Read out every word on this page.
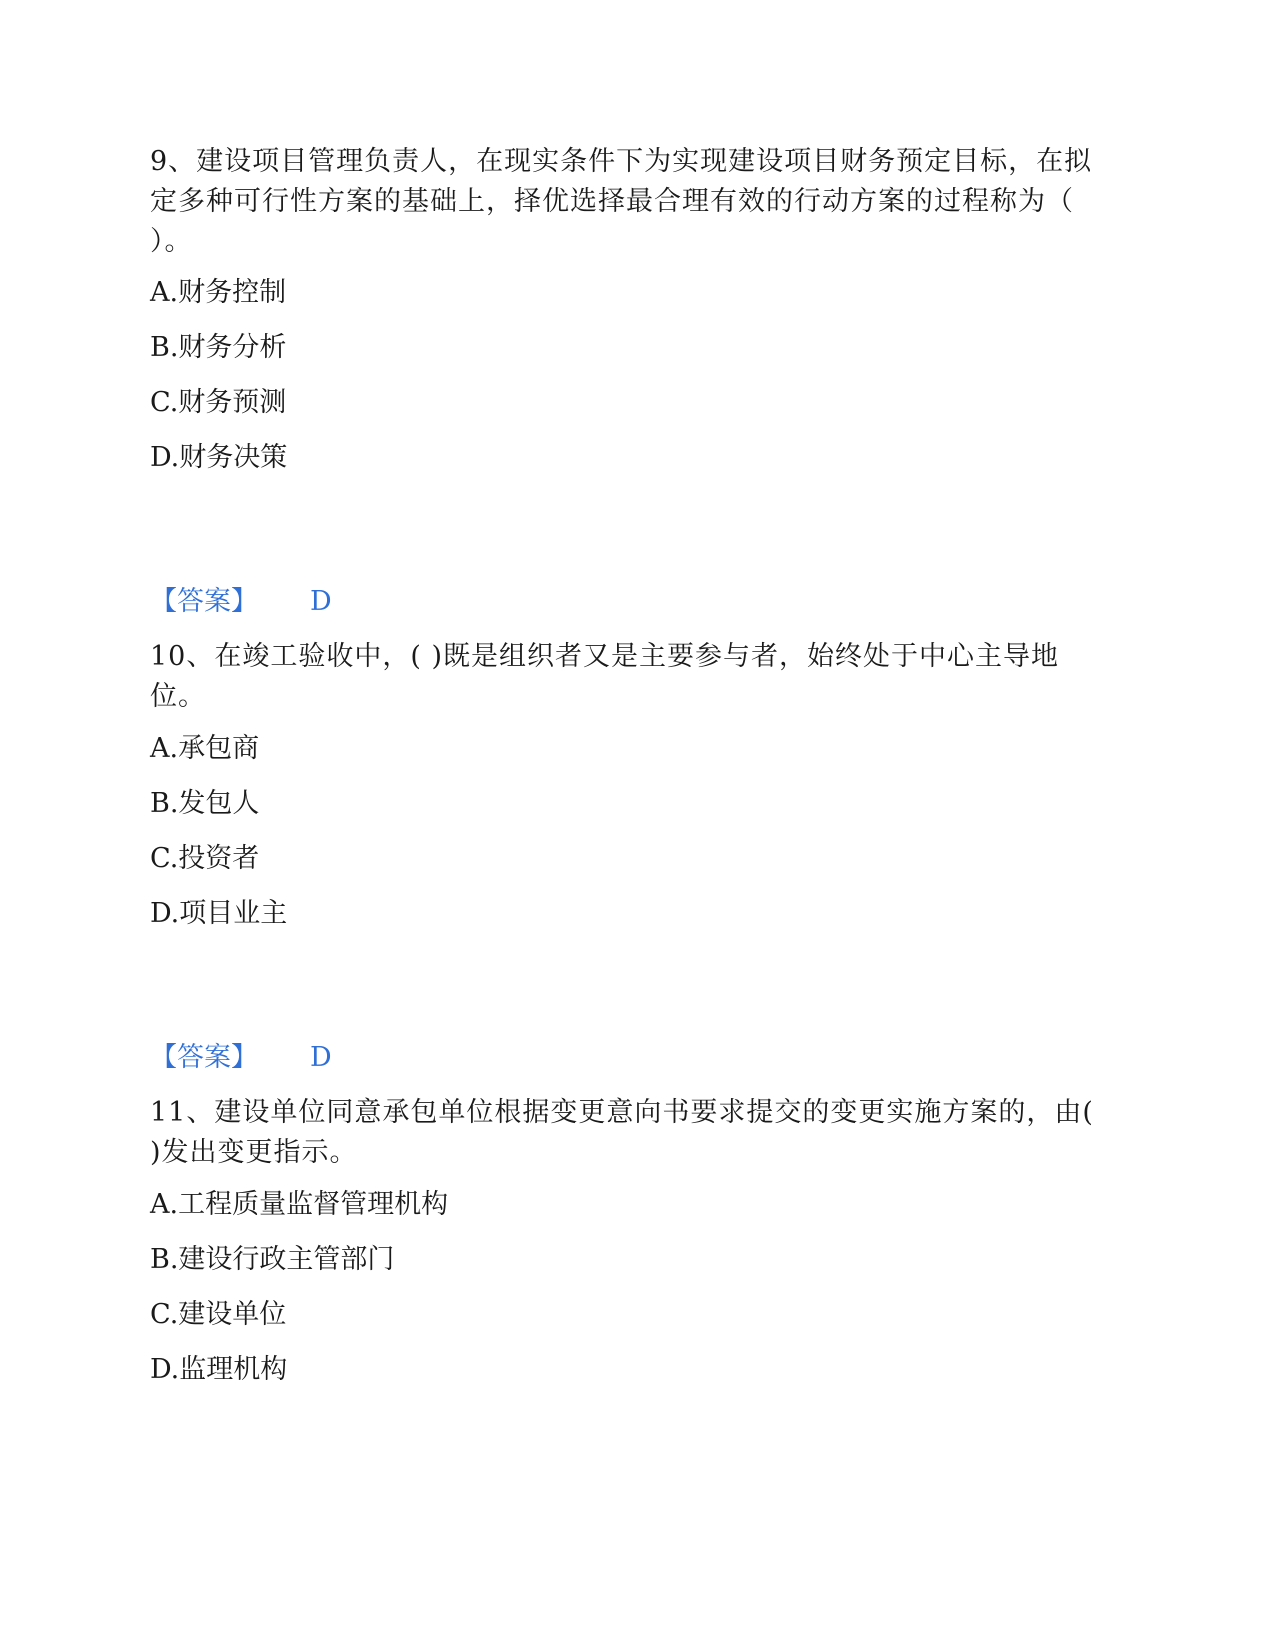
9、建设项目管理负责人，在现实条件下为实现建设项目财务预定目标，在拟定多种可行性方案的基础上，择优选择最合理有效的行动方案的过程称为（ ）。

A.财务控制

B.财务分析

C.财务预测

D.财务决策

【答案】 D

10、在竣工验收中，( )既是组织者又是主要参与者，始终处于中心主导地位。

A.承包商

B.发包人

C.投资者

D.项目业主

【答案】 D

11、建设单位同意承包单位根据变更意向书要求提交的变更实施方案的，由( )发出变更指示。

A.工程质量监督管理机构

B.建设行政主管部门

C.建设单位

D.监理机构
